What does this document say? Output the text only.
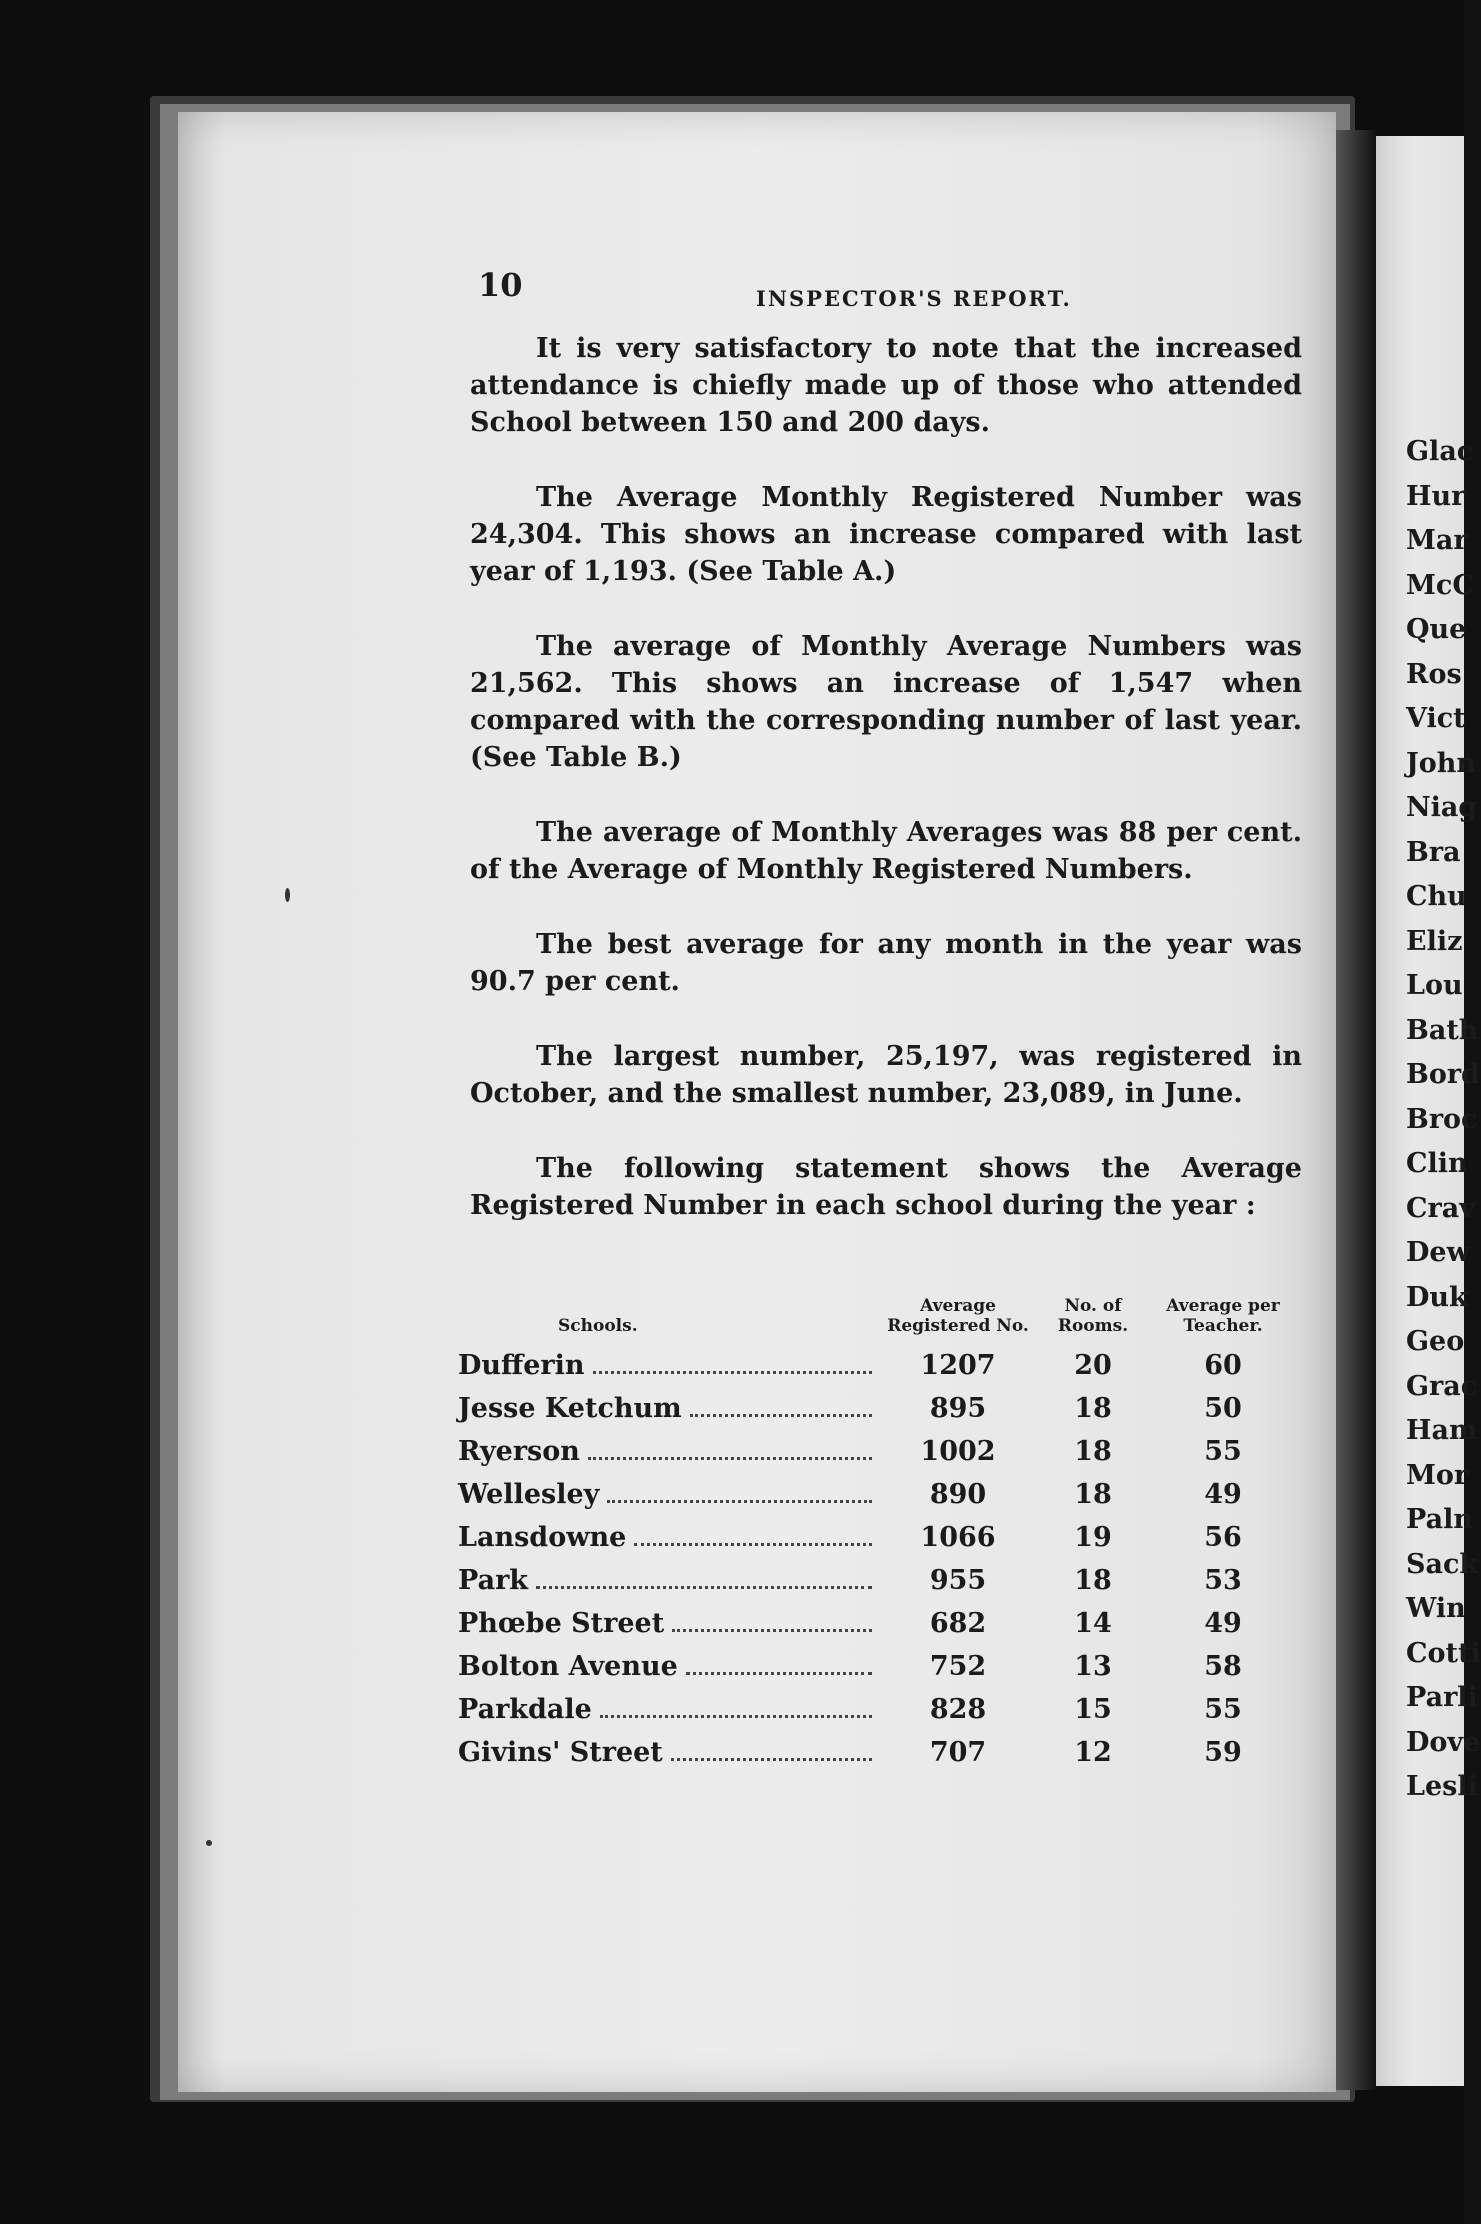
10	INSPECTOR'S REPORT.

It is very satisfactory to note that the increased attendance is chiefly made up of those who attended School between 150 and 200 days.

The Average Monthly Registered Number was 24,304. This shows an increase compared with last year of 1,193. (See Table A.)

The average of Monthly Average Numbers was 21,562. This shows an increase of 1,547 when compared with the corresponding number of last year. (See Table B.)

The average of Monthly Averages was 88 per cent. of the Average of Monthly Registered Numbers.

The best average for any month in the year was 90.7 per cent.

The largest number, 25,197, was registered in October, and the smallest number, 23,089, in June.

The following statement shows the Average Registered Number in each school during the year :

Schools.	Average Registered No.	No. of Rooms.	Average per Teacher.

Dufferin	1207	20	60

Jesse Ketchum	895	18	50

Ryerson	1002	18	55

Wellesley	890	18	49

Lansdowne	1066	19	56

Park	955	18	53

Phœbe Street	682	14	49

Bolton Avenue	752	13	58

Parkdale	828	15	55

Givins' Street	707	12	59
Glac
Hur
Mar
McC
Que
Ros
Vict
John
Niag
Bra
Chu
Eliz
Lou
Bath
Bord
Broc
Clin
Crav
Dew
Duk
Geo
Grac
Ham
Mor
Paln
Sack
Win
Cotti
Parli
Dove
Lesli
